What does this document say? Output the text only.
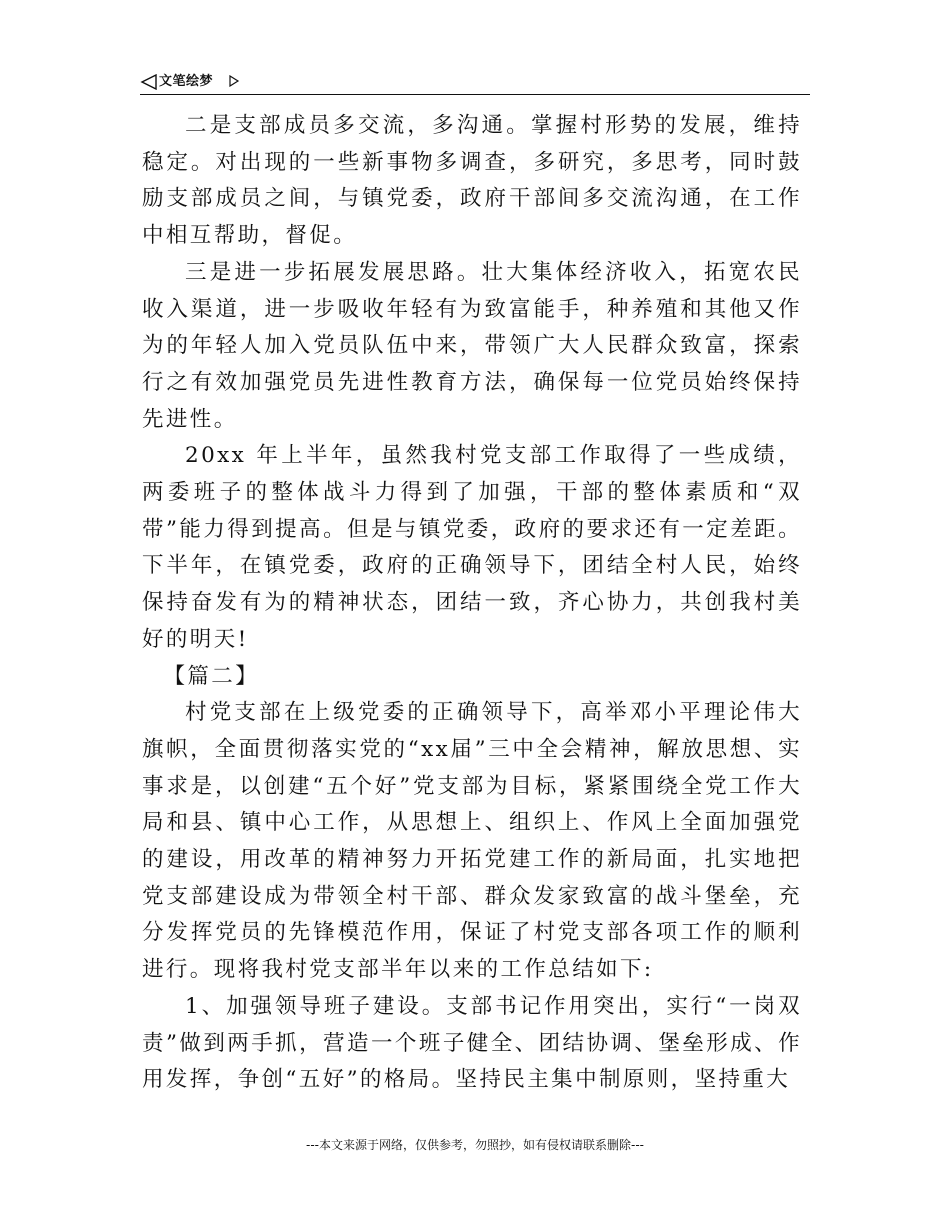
文笔绘梦

二是支部成员多交流，多沟通。掌握村形势的发展，维持稳定。对出现的一些新事物多调查，多研究，多思考，同时鼓励支部成员之间，与镇党委，政府干部间多交流沟通，在工作中相互帮助，督促。

三是进一步拓展发展思路。壮大集体经济收入，拓宽农民收入渠道，进一步吸收年轻有为致富能手，种养殖和其他又作为的年轻人加入党员队伍中来，带领广大人民群众致富，探索行之有效加强党员先进性教育方法，确保每一位党员始终保持先进性。

20xx 年上半年，虽然我村党支部工作取得了一些成绩，两委班子的整体战斗力得到了加强，干部的整体素质和“双带”能力得到提高。但是与镇党委，政府的要求还有一定差距。下半年，在镇党委，政府的正确领导下，团结全村人民，始终保持奋发有为的精神状态，团结一致，齐心协力，共创我村美好的明天!

【篇二】

村党支部在上级党委的正确领导下，高举邓小平理论伟大旗帜，全面贯彻落实党的“xx届”三中全会精神，解放思想、实事求是，以创建“五个好”党支部为目标，紧紧围绕全党工作大局和县、镇中心工作，从思想上、组织上、作风上全面加强党的建设，用改革的精神努力开拓党建工作的新局面，扎实地把党支部建设成为带领全村干部、群众发家致富的战斗堡垒，充分发挥党员的先锋模范作用，保证了村党支部各项工作的顺利进行。现将我村党支部半年以来的工作总结如下:

1、加强领导班子建设。支部书记作用突出，实行“一岗双责”做到两手抓，营造一个班子健全、团结协调、堡垒形成、作用发挥，争创“五好”的格局。坚持民主集中制原则，坚持重大

---本文来源于网络，仅供参考，勿照抄，如有侵权请联系删除---
